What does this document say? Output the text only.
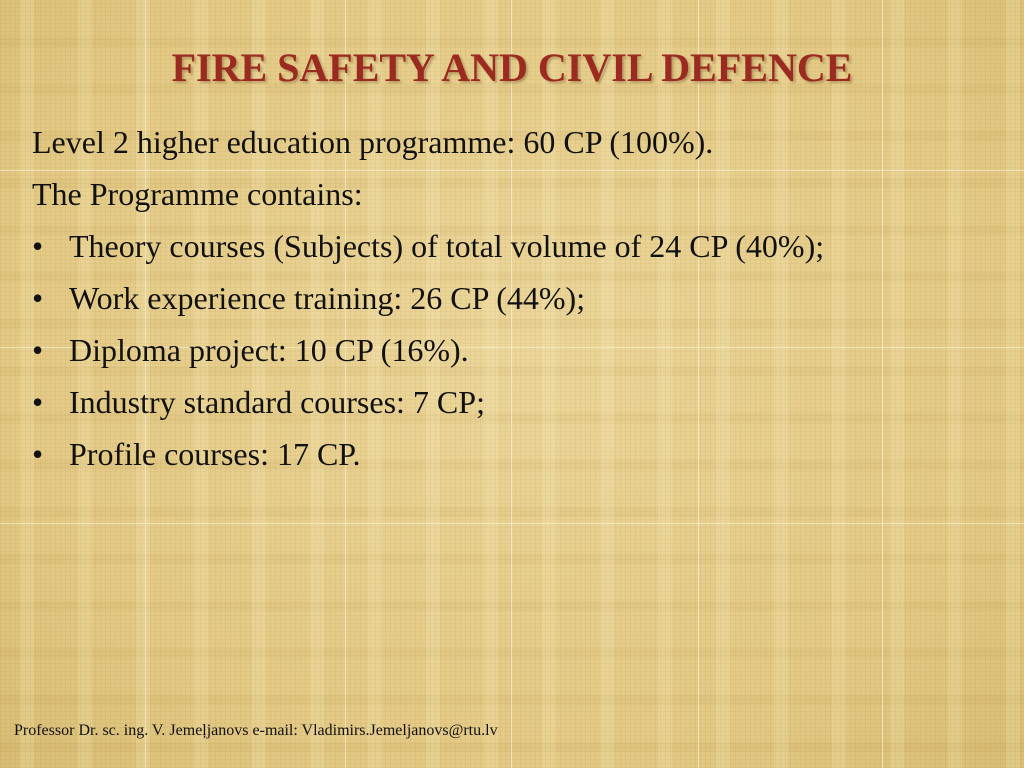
FIRE SAFETY AND CIVIL DEFENCE

Level 2 higher education programme: 60 CP (100%).

The Programme contains:

• Theory courses (Subjects) of total volume of 24 CP (40%);
• Work experience training: 26 CP (44%);
• Diploma project: 10 CP (16%).
• Industry standard courses: 7 CP;
• Profile courses: 17 CP.
Professor Dr. sc. ing. V. Jemeļjanovs e-mail: Vladimirs.Jemeljanovs@rtu.lv
